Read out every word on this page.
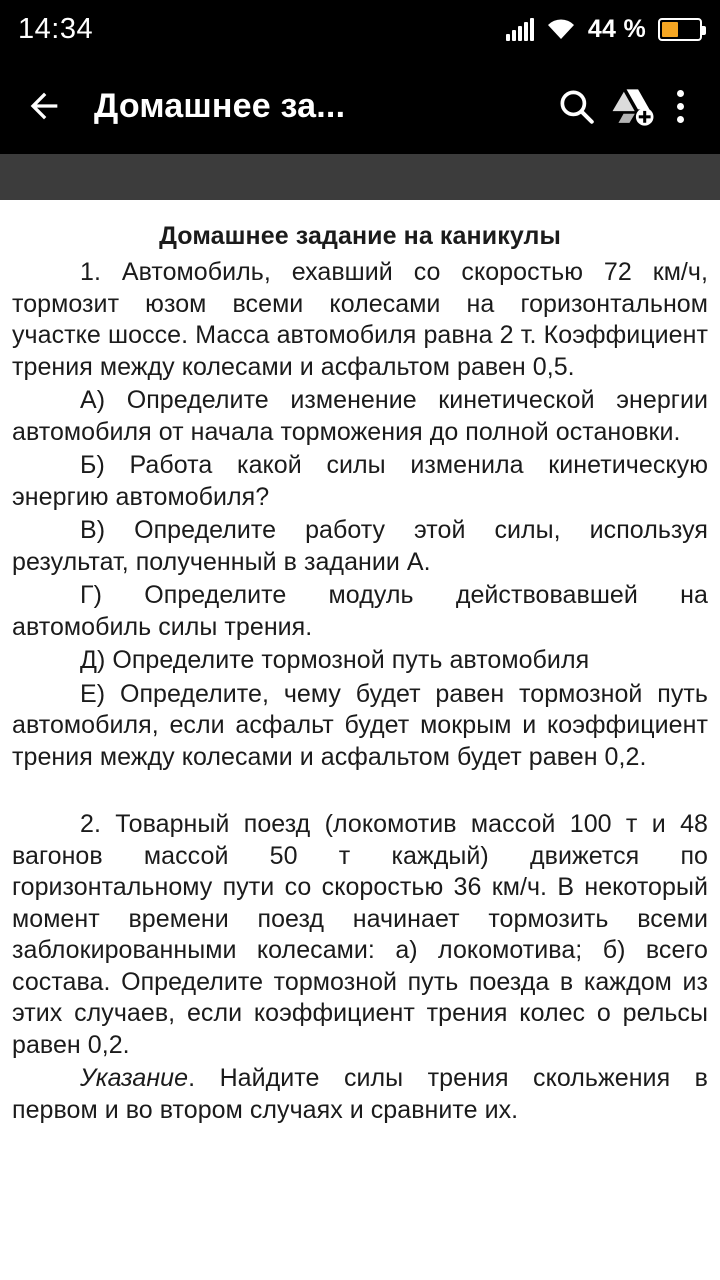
14:34	44 %
Домашнее за...
Домашнее задание на каникулы

1. Автомобиль, ехавший со скоростью 72 км/ч, тормозит юзом всеми колесами на горизонтальном участке шоссе. Масса автомобиля равна 2 т. Коэффициент трения между колесами и асфальтом равен 0,5.

А) Определите изменение кинетической энергии автомобиля от начала торможения до полной остановки.

Б) Работа какой силы изменила кинетическую энергию автомобиля?

В) Определите работу этой силы, используя результат, полученный в задании А.

Г) Определите модуль действовавшей на автомобиль силы трения.

Д) Определите тормозной путь автомобиля

Е) Определите, чему будет равен тормозной путь автомобиля, если асфальт будет мокрым и коэффициент трения между колесами и асфальтом будет равен 0,2.

2. Товарный поезд (локомотив массой 100 т и 48 вагонов массой 50 т каждый) движется по горизонтальному пути со скоростью 36 км/ч. В некоторый момент времени поезд начинает тормозить всеми заблокированными колесами: а) локомотива; б) всего состава. Определите тормозной путь поезда в каждом из этих случаев, если коэффициент трения колес о рельсы равен 0,2.

Указание. Найдите силы трения скольжения в первом и во втором случаях и сравните их.
